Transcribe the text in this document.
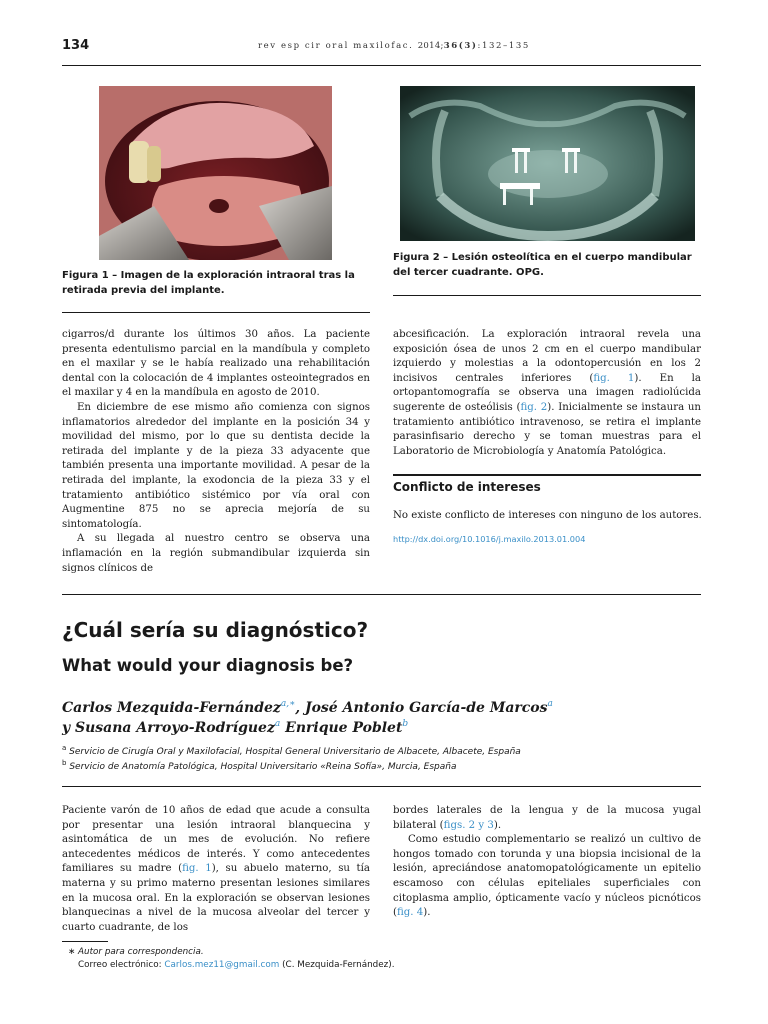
134	rev esp cir oral maxilofac. 2014;36(3):132–135
Figura 1 – Imagen de la exploración intraoral tras la retirada previa del implante.
Figura 2 – Lesión osteolítica en el cuerpo mandibular del tercer cuadrante. OPG.

cigarros/d durante los últimos 30 años. La paciente presenta edentulismo parcial en la mandíbula y completo en el maxilar y se le había realizado una rehabilitación dental con la colocación de 4 implantes osteointegrados en el maxilar y 4 en la mandíbula en agosto de 2010.

En diciembre de ese mismo año comienza con signos inflamatorios alrededor del implante en la posición 34 y movilidad del mismo, por lo que su dentista decide la retirada del implante y de la pieza 33 adyacente que también presenta una importante movilidad. A pesar de la retirada del implante, la exodoncia de la pieza 33 y el tratamiento antibiótico sistémico por vía oral con Augmentine 875 no se aprecia mejoría de su sintomatología.

A su llegada al nuestro centro se observa una inflamación en la región submandibular izquierda sin signos clínicos de

abcesificación. La exploración intraoral revela una exposición ósea de unos 2 cm en el cuerpo mandibular izquierdo y molestias a la odontopercusión en los 2 incisivos centrales inferiores (fig. 1). En la ortopantomografía se observa una imagen radiolúcida sugerente de osteólisis (fig. 2). Inicialmente se instaura un tratamiento antibiótico intravenoso, se retira el implante parasinfisario derecho y se toman muestras para el Laboratorio de Microbiología y Anatomía Patológica.

Conflicto de intereses
No existe conflicto de intereses con ninguno de los autores.
http://dx.doi.org/10.1016/j.maxilo.2013.01.004
¿Cuál sería su diagnóstico?
What would your diagnosis be?
Carlos Mezquida-Fernández$^{a,∗}$, José Antonio García-de Marcos$^a$
y Susana Arroyo-Rodríguez$^a$ Enrique Poblet$^b$
$^a$ Servicio de Cirugía Oral y Maxilofacial, Hospital General Universitario de Albacete, Albacete, España
$^b$ Servicio de Anatomía Patológica, Hospital Universitario «Reina Sofía», Murcia, España

Paciente varón de 10 años de edad que acude a consulta por presentar una lesión intraoral blanquecina y asintomática de un mes de evolución. No refiere antecedentes médicos de interés. Y como antecedentes familiares su madre (fig. 1), su abuelo materno, su tía materna y su primo materno presentan lesiones similares en la mucosa oral. En la exploración se observan lesiones blanquecinas a nivel de la mucosa alveolar del tercer y cuarto cuadrante, de los

bordes laterales de la lengua y de la mucosa yugal bilateral (figs. 2 y 3).

Como estudio complementario se realizó un cultivo de hongos tomado con torunda y una biopsia incisional de la lesión, apreciándose anatomopatológicamente un epitelio escamoso con células epiteliales superficiales con citoplasma amplio, ópticamente vacío y núcleos picnóticos (fig. 4).

∗ Autor para correspondencia.
Correo electrónico: Carlos.mez11@gmail.com (C. Mezquida-Fernández).
